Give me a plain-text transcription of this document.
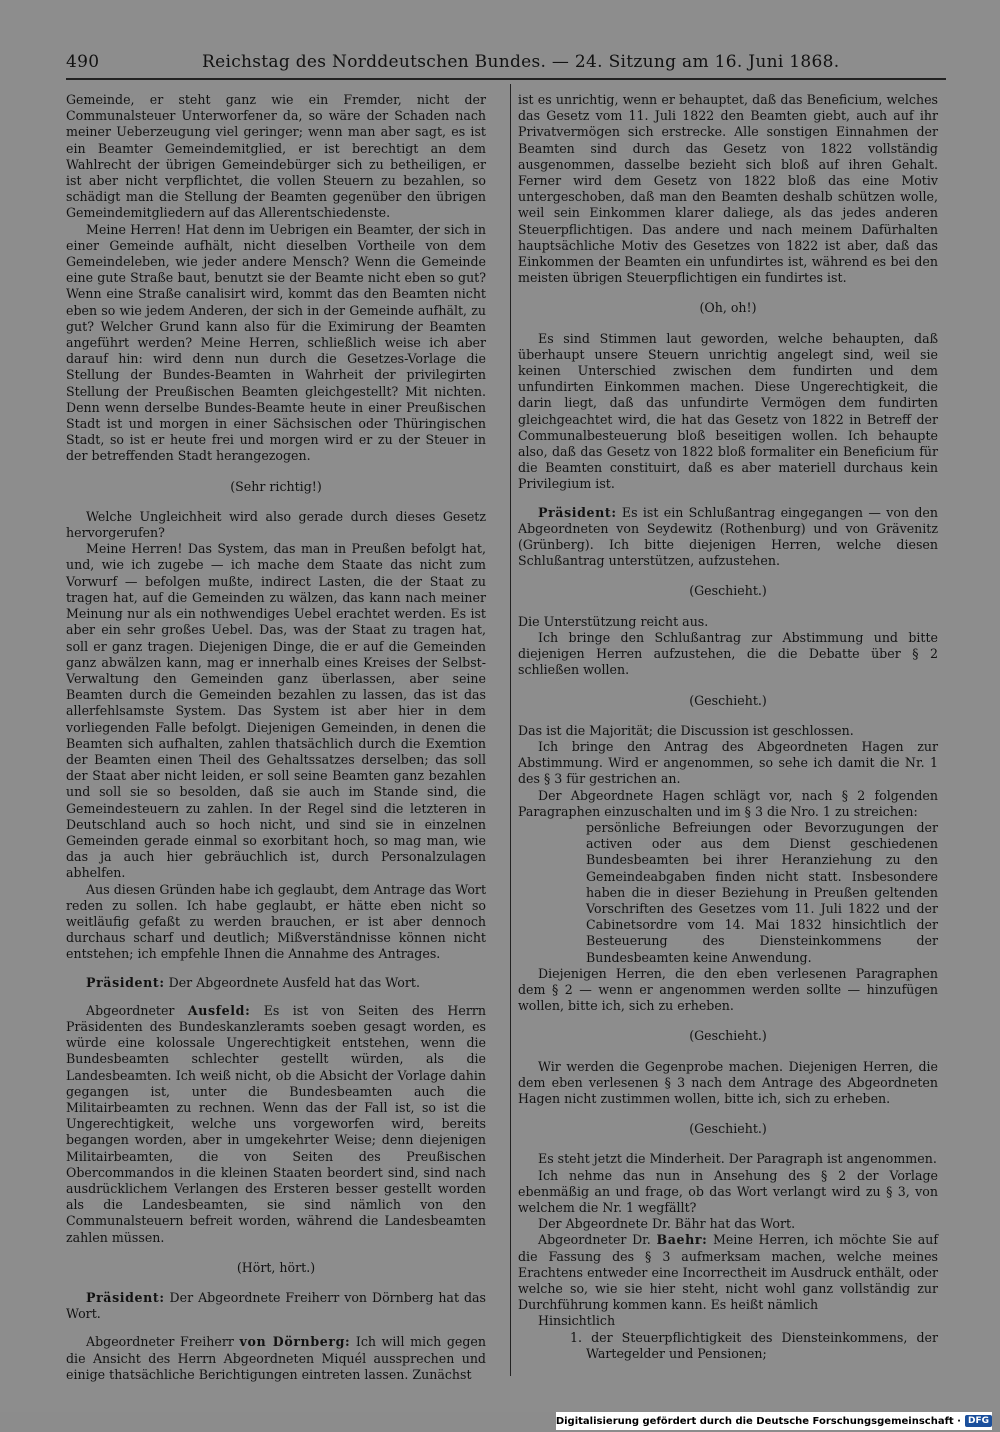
490	Reichstag des Norddeutschen Bundes. — 24. Sitzung am 16. Juni 1868.

Gemeinde, er steht ganz wie ein Fremder, nicht der Communalsteuer Unterworfener da, so wäre der Schaden nach meiner Ueberzeugung viel geringer; wenn man aber sagt, es ist ein Beamter Gemeindemitglied, er ist berechtigt an dem Wahlrecht der übrigen Gemeindebürger sich zu betheiligen, er ist aber nicht verpflichtet, die vollen Steuern zu bezahlen, so schädigt man die Stellung der Beamten gegenüber den übrigen Gemeindemitgliedern auf das Allerentschiedenste.

Meine Herren! Hat denn im Uebrigen ein Beamter, der sich in einer Gemeinde aufhält, nicht dieselben Vortheile von dem Gemeindeleben, wie jeder andere Mensch? Wenn die Gemeinde eine gute Straße baut, benutzt sie der Beamte nicht eben so gut? Wenn eine Straße canalisirt wird, kommt das den Beamten nicht eben so wie jedem Anderen, der sich in der Gemeinde aufhält, zu gut? Welcher Grund kann also für die Eximirung der Beamten angeführt werden? Meine Herren, schließlich weise ich aber darauf hin: wird denn nun durch die Gesetzes-Vorlage die Stellung der Bundes-Beamten in Wahrheit der privilegirten Stellung der Preußischen Beamten gleichgestellt? Mit nichten. Denn wenn derselbe Bundes-Beamte heute in einer Preußischen Stadt ist und morgen in einer Sächsischen oder Thüringischen Stadt, so ist er heute frei und morgen wird er zu der Steuer in der betreffenden Stadt herangezogen.

(Sehr richtig!)

Welche Ungleichheit wird also gerade durch dieses Gesetz hervorgerufen?

Meine Herren! Das System, das man in Preußen befolgt hat, und, wie ich zugebe — ich mache dem Staate das nicht zum Vorwurf — befolgen mußte, indirect Lasten, die der Staat zu tragen hat, auf die Gemeinden zu wälzen, das kann nach meiner Meinung nur als ein nothwendiges Uebel erachtet werden. Es ist aber ein sehr großes Uebel. Das, was der Staat zu tragen hat, soll er ganz tragen. Diejenigen Dinge, die er auf die Gemeinden ganz abwälzen kann, mag er innerhalb eines Kreises der Selbst-Verwaltung den Gemeinden ganz überlassen, aber seine Beamten durch die Gemeinden bezahlen zu lassen, das ist das allerfehlsamste System. Das System ist aber hier in dem vorliegenden Falle befolgt. Diejenigen Gemeinden, in denen die Beamten sich aufhalten, zahlen thatsächlich durch die Exemtion der Beamten einen Theil des Gehaltssatzes derselben; das soll der Staat aber nicht leiden, er soll seine Beamten ganz bezahlen und soll sie so besolden, daß sie auch im Stande sind, die Gemeindesteuern zu zahlen. In der Regel sind die letzteren in Deutschland auch so hoch nicht, und sind sie in einzelnen Gemeinden gerade einmal so exorbitant hoch, so mag man, wie das ja auch hier gebräuchlich ist, durch Personalzulagen abhelfen.

Aus diesen Gründen habe ich geglaubt, dem Antrage das Wort reden zu sollen. Ich habe geglaubt, er hätte eben nicht so weitläufig gefaßt zu werden brauchen, er ist aber dennoch durchaus scharf und deutlich; Mißverständnisse können nicht entstehen; ich empfehle Ihnen die Annahme des Antrages.

Präsident: Der Abgeordnete Ausfeld hat das Wort.

Abgeordneter Ausfeld: Es ist von Seiten des Herrn Präsidenten des Bundeskanzleramts soeben gesagt worden, es würde eine kolossale Ungerechtigkeit entstehen, wenn die Bundesbeamten schlechter gestellt würden, als die Landesbeamten. Ich weiß nicht, ob die Absicht der Vorlage dahin gegangen ist, unter die Bundesbeamten auch die Militairbeamten zu rechnen. Wenn das der Fall ist, so ist die Ungerechtigkeit, welche uns vorgeworfen wird, bereits begangen worden, aber in umgekehrter Weise; denn diejenigen Militairbeamten, die von Seiten des Preußischen Obercommandos in die kleinen Staaten beordert sind, sind nach ausdrücklichem Verlangen des Ersteren besser gestellt worden als die Landesbeamten, sie sind nämlich von den Communalsteuern befreit worden, während die Landesbeamten zahlen müssen.

(Hört, hört.)

Präsident: Der Abgeordnete Freiherr von Dörnberg hat das Wort.

Abgeordneter Freiherr von Dörnberg: Ich will mich gegen die Ansicht des Herrn Abgeordneten Miquél aussprechen und einige thatsächliche Berichtigungen eintreten lassen. Zunächst

ist es unrichtig, wenn er behauptet, daß das Beneficium, welches das Gesetz vom 11. Juli 1822 den Beamten giebt, auch auf ihr Privatvermögen sich erstrecke. Alle sonstigen Einnahmen der Beamten sind durch das Gesetz von 1822 vollständig ausgenommen, dasselbe bezieht sich bloß auf ihren Gehalt. Ferner wird dem Gesetz von 1822 bloß das eine Motiv untergeschoben, daß man den Beamten deshalb schützen wolle, weil sein Einkommen klarer daliege, als das jedes anderen Steuerpflichtigen. Das andere und nach meinem Dafürhalten hauptsächliche Motiv des Gesetzes von 1822 ist aber, daß das Einkommen der Beamten ein unfundirtes ist, während es bei den meisten übrigen Steuerpflichtigen ein fundirtes ist.

(Oh, oh!)

Es sind Stimmen laut geworden, welche behaupten, daß überhaupt unsere Steuern unrichtig angelegt sind, weil sie keinen Unterschied zwischen dem fundirten und dem unfundirten Einkommen machen. Diese Ungerechtigkeit, die darin liegt, daß das unfundirte Vermögen dem fundirten gleichgeachtet wird, die hat das Gesetz von 1822 in Betreff der Communalbesteuerung bloß beseitigen wollen. Ich behaupte also, daß das Gesetz von 1822 bloß formaliter ein Beneficium für die Beamten constituirt, daß es aber materiell durchaus kein Privilegium ist.

Präsident: Es ist ein Schlußantrag eingegangen — von den Abgeordneten von Seydewitz (Rothenburg) und von Grävenitz (Grünberg). Ich bitte diejenigen Herren, welche diesen Schlußantrag unterstützen, aufzustehen.

(Geschieht.)

Die Unterstützung reicht aus.

Ich bringe den Schlußantrag zur Abstimmung und bitte diejenigen Herren aufzustehen, die die Debatte über § 2 schließen wollen.

(Geschieht.)

Das ist die Majorität; die Discussion ist geschlossen.

Ich bringe den Antrag des Abgeordneten Hagen zur Abstimmung. Wird er angenommen, so sehe ich damit die Nr. 1 des § 3 für gestrichen an.

Der Abgeordnete Hagen schlägt vor, nach § 2 folgenden Paragraphen einzuschalten und im § 3 die Nro. 1 zu streichen:

persönliche Befreiungen oder Bevorzugungen der activen oder aus dem Dienst geschiedenen Bundesbeamten bei ihrer Heranziehung zu den Gemeindeabgaben finden nicht statt. Insbesondere haben die in dieser Beziehung in Preußen geltenden Vorschriften des Gesetzes vom 11. Juli 1822 und der Cabinetsordre vom 14. Mai 1832 hinsichtlich der Besteuerung des Diensteinkommens der Bundesbeamten keine Anwendung.

Diejenigen Herren, die den eben verlesenen Paragraphen dem § 2 — wenn er angenommen werden sollte — hinzufügen wollen, bitte ich, sich zu erheben.

(Geschieht.)

Wir werden die Gegenprobe machen. Diejenigen Herren, die dem eben verlesenen § 3 nach dem Antrage des Abgeordneten Hagen nicht zustimmen wollen, bitte ich, sich zu erheben.

(Geschieht.)

Es steht jetzt die Minderheit. Der Paragraph ist angenommen.

Ich nehme das nun in Ansehung des § 2 der Vorlage ebenmäßig an und frage, ob das Wort verlangt wird zu § 3, von welchem die Nr. 1 wegfällt?

Der Abgeordnete Dr. Bähr hat das Wort.

Abgeordneter Dr. Baehr: Meine Herren, ich möchte Sie auf die Fassung des § 3 aufmerksam machen, welche meines Erachtens entweder eine Incorrectheit im Ausdruck enthält, oder welche so, wie sie hier steht, nicht wohl ganz vollständig zur Durchführung kommen kann. Es heißt nämlich

Hinsichtlich

1. der Steuerpflichtigkeit des Diensteinkommens, der Wartegelder und Pensionen;

Digitalisierung gefördert durch die Deutsche Forschungsgemeinschaft · DFG
